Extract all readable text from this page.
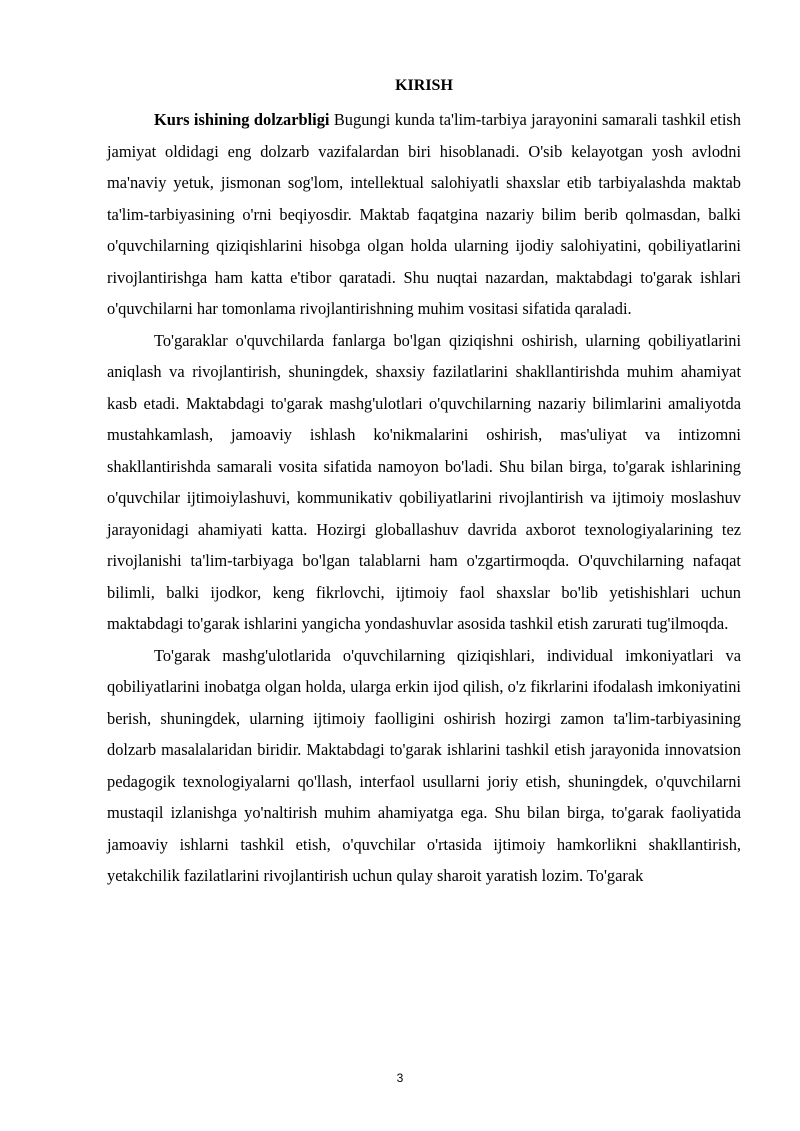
KIRISH

Kurs ishining dolzarbligi Bugungi kunda ta'lim-tarbiya jarayonini samarali tashkil etish jamiyat oldidagi eng dolzarb vazifalardan biri hisoblanadi. O'sib kelayotgan yosh avlodni ma'naviy yetuk, jismonan sog'lom, intellektual salohiyatli shaxslar etib tarbiyalashda maktab ta'lim-tarbiyasining o'rni beqiyosdir. Maktab faqatgina nazariy bilim berib qolmasdan, balki o'quvchilarning qiziqishlarini hisobga olgan holda ularning ijodiy salohiyatini, qobiliyatlarini rivojlantirishga ham katta e'tibor qaratadi. Shu nuqtai nazardan, maktabdagi to'garak ishlari o'quvchilarni har tomonlama rivojlantirishning muhim vositasi sifatida qaraladi.

To'garaklar o'quvchilarda fanlarga bo'lgan qiziqishni oshirish, ularning qobiliyatlarini aniqlash va rivojlantirish, shuningdek, shaxsiy fazilatlarini shakllantirishda muhim ahamiyat kasb etadi. Maktabdagi to'garak mashg'ulotlari o'quvchilarning nazariy bilimlarini amaliyotda mustahkamlash, jamoaviy ishlash ko'nikmalarini oshirish, mas'uliyat va intizomni shakllantirishda samarali vosita sifatida namoyon bo'ladi. Shu bilan birga, to'garak ishlarining o'quvchilar ijtimoiylashuvi, kommunikativ qobiliyatlarini rivojlantirish va ijtimoiy moslashuv jarayonidagi ahamiyati katta. Hozirgi globallashuv davrida axborot texnologiyalarining tez rivojlanishi ta'lim-tarbiyaga bo'lgan talablarni ham o'zgartirmoqda. O'quvchilarning nafaqat bilimli, balki ijodkor, keng fikrlovchi, ijtimoiy faol shaxslar bo'lib yetishishlari uchun maktabdagi to'garak ishlarini yangicha yondashuvlar asosida tashkil etish zarurati tug'ilmoqda.

To'garak mashg'ulotlarida o'quvchilarning qiziqishlari, individual imkoniyatlari va qobiliyatlarini inobatga olgan holda, ularga erkin ijod qilish, o'z fikrlarini ifodalash imkoniyatini berish, shuningdek, ularning ijtimoiy faolligini oshirish hozirgi zamon ta'lim-tarbiyasining dolzarb masalalaridan biridir. Maktabdagi to'garak ishlarini tashkil etish jarayonida innovatsion pedagogik texnologiyalarni qo'llash, interfaol usullarni joriy etish, shuningdek, o'quvchilarni mustaqil izlanishga yo'naltirish muhim ahamiyatga ega. Shu bilan birga, to'garak faoliyatida jamoaviy ishlarni tashkil etish, o'quvchilar o'rtasida ijtimoiy hamkorlikni shakllantirish, yetakchilik fazilatlarini rivojlantirish uchun qulay sharoit yaratish lozim. To'garak

3
